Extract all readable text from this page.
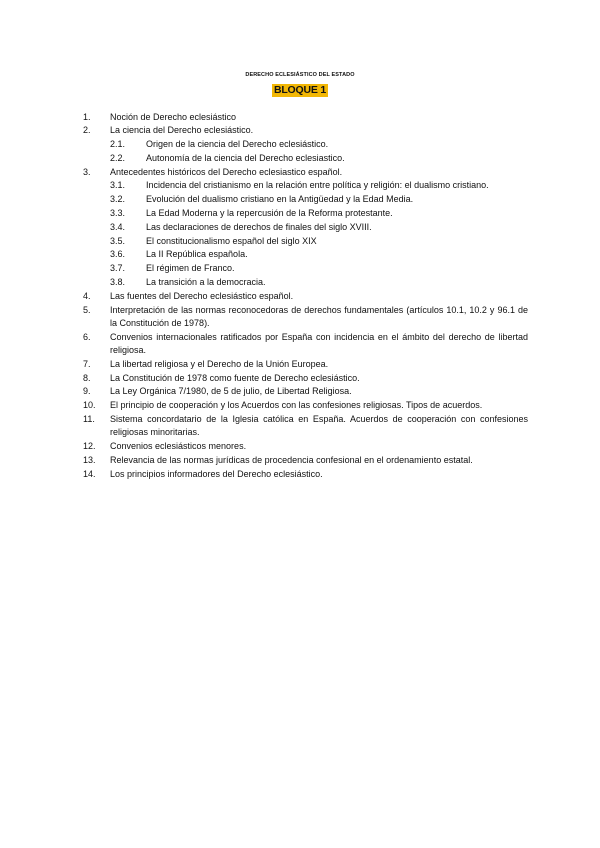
DERECHO ECLESIÁSTICO DEL ESTADO
BLOQUE 1
1. Noción de Derecho eclesiástico
2. La ciencia del Derecho eclesiástico.
2.1. Origen de la ciencia del Derecho eclesiástico.
2.2. Autonomía de la ciencia del Derecho eclesiastico.
3. Antecedentes históricos del Derecho eclesiastico español.
3.1. Incidencia del cristianismo en la relación entre política y religión: el dualismo cristiano.
3.2. Evolución del dualismo cristiano en la Antigüedad y la Edad Media.
3.3. La Edad Moderna y la repercusión de la Reforma protestante.
3.4. Las declaraciones de derechos de finales del siglo XVIII.
3.5. El constitucionalismo español del siglo XIX
3.6. La II República española.
3.7. El régimen de Franco.
3.8. La transición a la democracia.
4. Las fuentes del Derecho eclesiástico español.
5. Interpretación de las normas reconocedoras de derechos fundamentales (artículos 10.1, 10.2 y 96.1 de la Constitución de 1978).
6. Convenios internacionales ratificados por España con incidencia en el ámbito del derecho de libertad religiosa.
7. La libertad religiosa y el Derecho de la Unión Europea.
8. La Constitución de 1978 como fuente de Derecho eclesiástico.
9. La Ley Orgánica 7/1980, de 5 de julio, de Libertad Religiosa.
10. El principio de cooperación y los Acuerdos con las confesiones religiosas. Tipos de acuerdos.
11. Sistema concordatario de la Iglesia católica en España. Acuerdos de cooperación con confesiones religiosas minoritarias.
12. Convenios eclesiásticos menores.
13. Relevancia de las normas jurídicas de procedencia confesional en el ordenamiento estatal.
14. Los principios informadores del Derecho eclesiástico.
